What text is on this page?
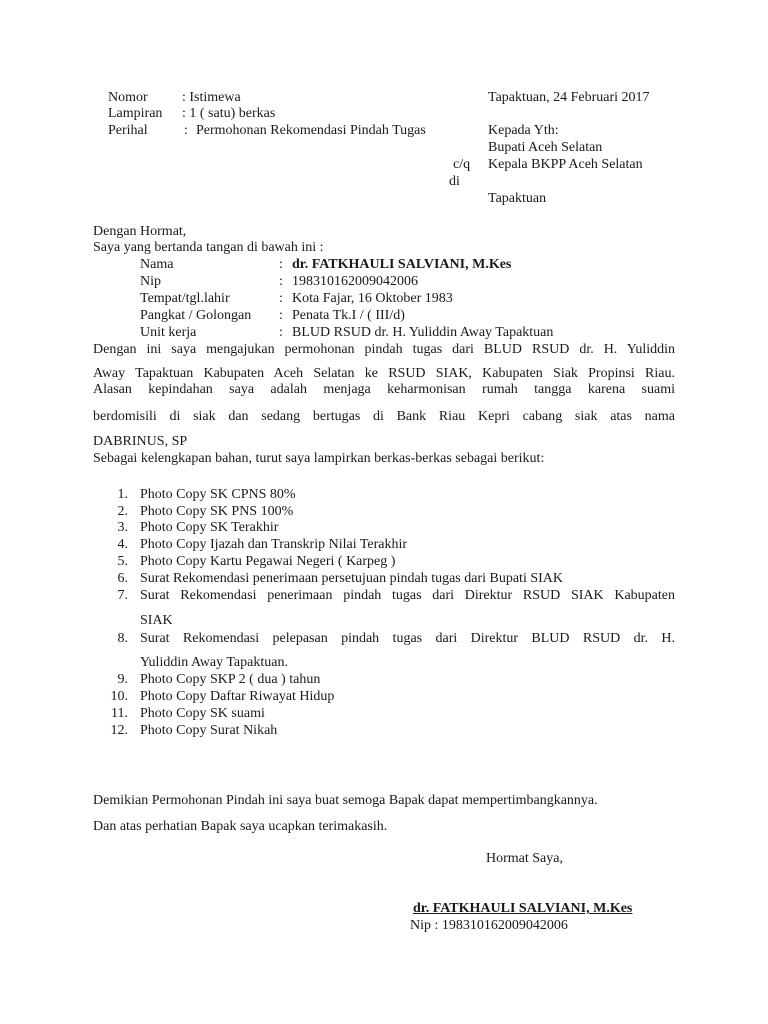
Nomor : Istimewa	Tapaktuan, 24 Februari 2017
Lampiran : 1 ( satu) berkas
Perihal	: Permohonan Rekomendasi Pindah Tugas	Kepada Yth:
Bupati Aceh Selatan
c/q Kepala BKPP Aceh Selatan
di
Tapaktuan
Dengan Hormat,
Saya yang bertanda tangan di bawah ini :
Nama	: dr. FATKHAULI SALVIANI, M.Kes
Nip	: 198310162009042006
Tempat/tgl.lahir	: Kota Fajar, 16 Oktober 1983
Pangkat / Golongan : Penata Tk.I / ( III/d)
Unit kerja	: BLUD RSUD dr. H. Yuliddin Away Tapaktuan
Dengan ini saya mengajukan permohonan pindah tugas dari BLUD RSUD dr. H. Yuliddin
Away Tapaktuan Kabupaten Aceh Selatan ke RSUD SIAK, Kabupaten Siak Propinsi Riau.
Alasan kepindahan saya adalah menjaga keharmonisan rumah tangga karena suami
berdomisili di siak dan sedang bertugas di Bank Riau Kepri cabang siak atas nama
DABRINUS, SP
Sebagai kelengkapan bahan, turut saya lampirkan berkas-berkas sebagai berikut:
1. Photo Copy SK CPNS 80%
2. Photo Copy SK PNS 100%
3. Photo Copy SK Terakhir
4. Photo Copy Ijazah dan Transkrip Nilai Terakhir
5. Photo Copy Kartu Pegawai Negeri ( Karpeg )
6. Surat Rekomendasi penerimaan persetujuan pindah tugas dari Bupati SIAK
7. Surat Rekomendasi penerimaan pindah tugas dari Direktur RSUD SIAK Kabupaten
SIAK
8. Surat Rekomendasi pelepasan pindah tugas dari Direktur BLUD RSUD dr. H.
Yuliddin Away Tapaktuan.
9. Photo Copy SKP 2 ( dua ) tahun
10. Photo Copy Daftar Riwayat Hidup
11. Photo Copy SK suami
12. Photo Copy Surat Nikah
Demikian Permohonan Pindah ini saya buat semoga Bapak dapat mempertimbangkannya.
Dan atas perhatian Bapak saya ucapkan terimakasih.
Hormat Saya,
dr. FATKHAULI SALVIANI, M.Kes
Nip : 198310162009042006
